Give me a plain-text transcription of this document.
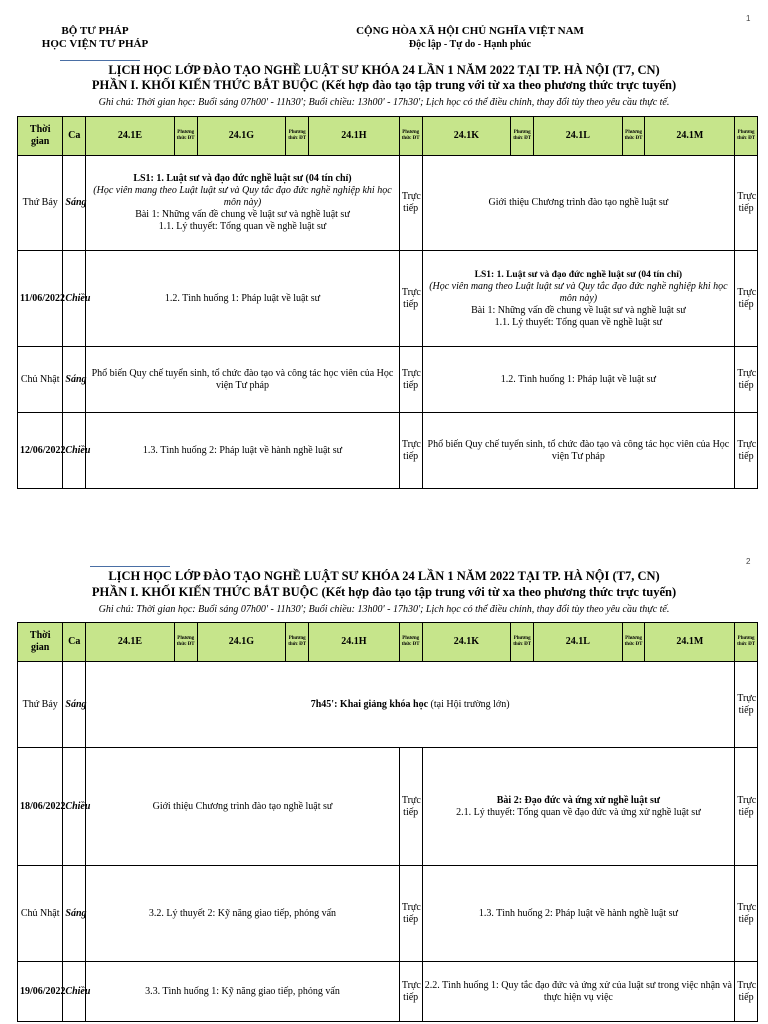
1
BỘ TƯ PHÁP
HỌC VIỆN TƯ PHÁP
CỘNG HÒA XÃ HỘI CHỦ NGHĨA VIỆT NAM
Độc lập - Tự do - Hạnh phúc
LỊCH HỌC LỚP ĐÀO TẠO NGHỀ LUẬT SƯ KHÓA 24 LẦN 1 NĂM 2022 TẠI TP. HÀ NỘI (T7, CN)
PHẦN I. KHỐI KIẾN THỨC BẮT BUỘC (Kết hợp đào tạo tập trung với từ xa theo phương thức trực tuyến)
Ghi chú: Thời gian học: Buổi sáng 07h00' - 11h30'; Buổi chiều: 13h00' - 17h30'; Lịch học có thể điều chỉnh, thay đổi tùy theo yêu cầu thực tế.
Thời gian	Ca	24.1E	Phương thức ĐT	24.1G	Phương thức ĐT	24.1H	Phương thức ĐT	24.1K	Phương thức ĐT	24.1L	Phương thức ĐT	24.1M	Phương thức ĐT
Thứ Bảy	Sáng	LS1: 1. Luật sư và đạo đức nghề luật sư (04 tín chỉ)
(Học viên mang theo Luật luật sư và Quy tắc đạo đức nghề nghiệp khi học môn này)
Bài 1: Những vấn đề chung về luật sư và nghề luật sư
1.1. Lý thuyết: Tổng quan về nghề luật sư					Trực tiếp	Giới thiệu Chương trình đào tạo nghề luật sư					Trực tiếp
11/06/2022	Chiều	1.2. Tình huống 1: Pháp luật về luật sư					Trực tiếp	LS1: 1. Luật sư và đạo đức nghề luật sư (04 tín chỉ)
(Học viên mang theo Luật luật sư và Quy tắc đạo đức nghề nghiệp khi học môn này)
Bài 1: Những vấn đề chung về luật sư và nghề luật sư
1.1. Lý thuyết: Tổng quan về nghề luật sư					Trực tiếp
Chủ Nhật	Sáng	Phổ biến Quy chế tuyển sinh, tổ chức đào tạo và công tác học viên của Học viện Tư pháp					Trực tiếp	1.2. Tình huống 1: Pháp luật về luật sư					Trực tiếp
12/06/2022	Chiều	1.3. Tình huống 2: Pháp luật về hành nghề luật sư					Trực tiếp	Phổ biến Quy chế tuyển sinh, tổ chức đào tạo và công tác học viên của Học viện Tư pháp					Trực tiếp
2
LỊCH HỌC LỚP ĐÀO TẠO NGHỀ LUẬT SƯ KHÓA 24 LẦN 1 NĂM 2022 TẠI TP. HÀ NỘI (T7, CN)
PHẦN I. KHỐI KIẾN THỨC BẮT BUỘC (Kết hợp đào tạo tập trung với từ xa theo phương thức trực tuyến)
Ghi chú: Thời gian học: Buổi sáng 07h00' - 11h30'; Buổi chiều: 13h00' - 17h30'; Lịch học có thể điều chỉnh, thay đổi tùy theo yêu cầu thực tế.
Thời gian	Ca	24.1E	Phương thức ĐT	24.1G	Phương thức ĐT	24.1H	Phương thức ĐT	24.1K	Phương thức ĐT	24.1L	Phương thức ĐT	24.1M	Phương thức ĐT
Thứ Bảy	Sáng	7h45': Khai giảng khóa học (tại Hội trường lớn)											Trực tiếp
18/06/2022	Chiều	Giới thiệu Chương trình đào tạo nghề luật sư					Trực tiếp	Bài 2: Đạo đức và ứng xử nghề luật sư
2.1. Lý thuyết: Tổng quan về đạo đức và ứng xử nghề luật sư					Trực tiếp
Chủ Nhật	Sáng	3.2. Lý thuyết 2: Kỹ năng giao tiếp, phỏng vấn					Trực tiếp	1.3. Tình huống 2: Pháp luật về hành nghề luật sư					Trực tiếp
19/06/2022	Chiều	3.3. Tình huống 1: Kỹ năng giao tiếp, phỏng vấn					Trực tiếp	2.2. Tình huống 1: Quy tắc đạo đức và ứng xử của luật sư trong việc nhận và thực hiện vụ việc					Trực tiếp
